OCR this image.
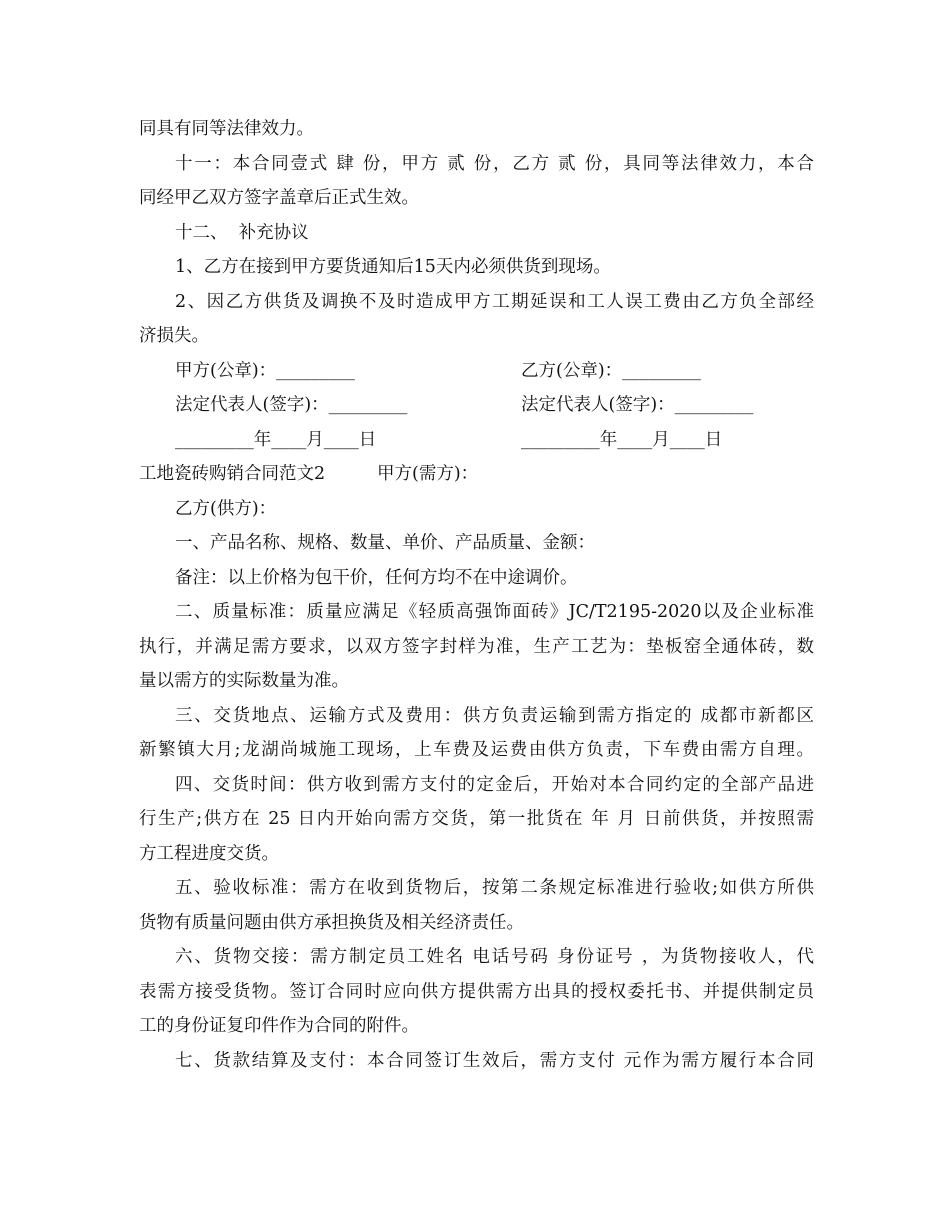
同具有同等法律效力。
十一：本合同壹式 肆 份，甲方 贰 份，乙方 贰 份，具同等法律效力，本合
同经甲乙双方签字盖章后正式生效。
十二、  补充协议
1、乙方在接到甲方要货通知后15天内必须供货到现场。
2、因乙方供货及调换不及时造成甲方工期延误和工人误工费由乙方负全部经
济损失。
甲方(公章)：_________	乙方(公章)：_________
法定代表人(签字)：_________	法定代表人(签字)：_________
_________年____月____日	_________年____月____日
工地瓷砖购销合同范文2	甲方(需方)：
乙方(供方)：
一、产品名称、规格、数量、单价、产品质量、金额：
备注：以上价格为包干价，任何方均不在中途调价。
二、质量标准：质量应满足《轻质高强饰面砖》JC/T2195-2020以及企业标准
执行，并满足需方要求，以双方签字封样为准，生产工艺为：垫板窑全通体砖，数
量以需方的实际数量为准。
三、交货地点、运输方式及费用：供方负责运输到需方指定的 成都市新都区
新繁镇大月;龙湖尚城施工现场，上车费及运费由供方负责，下车费由需方自理。
四、交货时间：供方收到需方支付的定金后，开始对本合同约定的全部产品进
行生产;供方在 25 日内开始向需方交货，第一批货在 年 月 日前供货，并按照需
方工程进度交货。
五、验收标准：需方在收到货物后，按第二条规定标准进行验收;如供方所供
货物有质量问题由供方承担换货及相关经济责任。
六、货物交接：需方制定员工姓名 电话号码 身份证号 ，为货物接收人，代
表需方接受货物。签订合同时应向供方提供需方出具的授权委托书、并提供制定员
工的身份证复印件作为合同的附件。
七、货款结算及支付：本合同签订生效后，需方支付 元作为需方履行本合同
